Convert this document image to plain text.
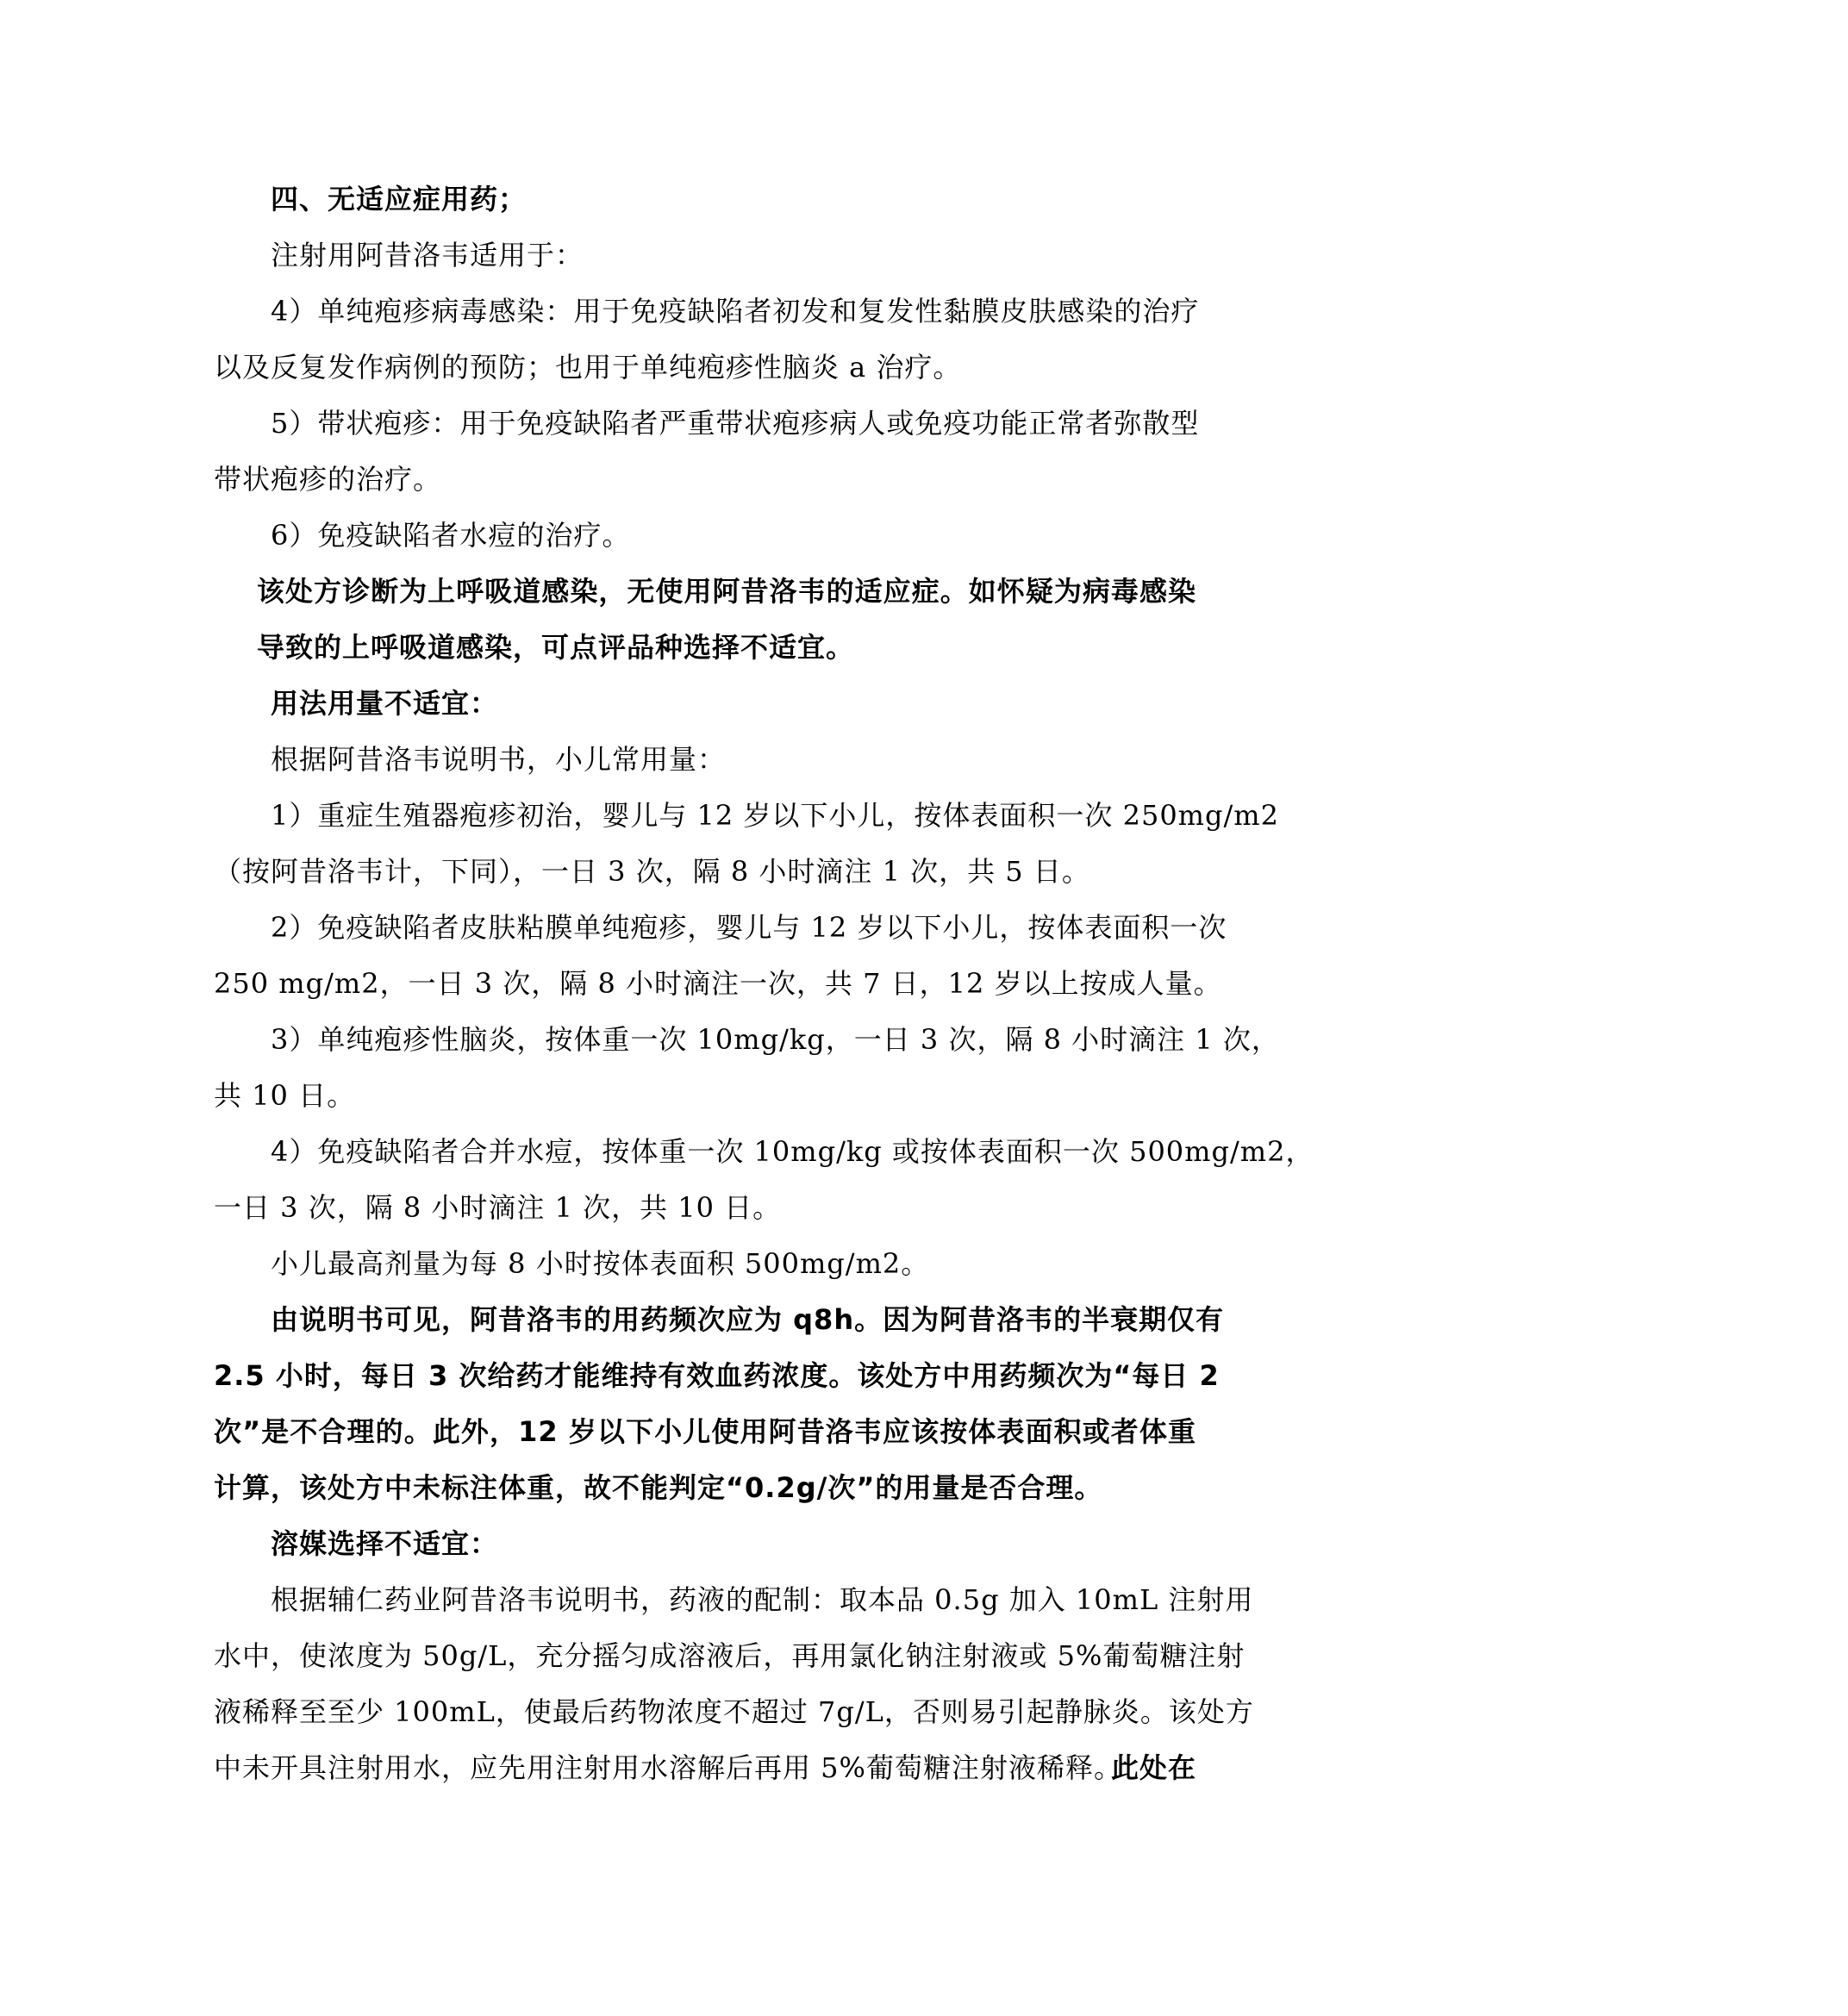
四、无适应症用药；
注射用阿昔洛韦适用于：
4）单纯疱疹病毒感染：用于免疫缺陷者初发和复发性黏膜皮肤感染的治疗
以及反复发作病例的预防；也用于单纯疱疹性脑炎 a 治疗。
5）带状疱疹：用于免疫缺陷者严重带状疱疹病人或免疫功能正常者弥散型
带状疱疹的治疗。
6）免疫缺陷者水痘的治疗。
该处方诊断为上呼吸道感染，无使用阿昔洛韦的适应症。如怀疑为病毒感染
导致的上呼吸道感染，可点评品种选择不适宜。
用法用量不适宜：
根据阿昔洛韦说明书，小儿常用量：
1）重症生殖器疱疹初治，婴儿与 12 岁以下小儿，按体表面积一次 250mg/m2
（按阿昔洛韦计，下同），一日 3 次，隔 8 小时滴注 1 次，共 5 日。
2）免疫缺陷者皮肤粘膜单纯疱疹，婴儿与 12 岁以下小儿，按体表面积一次
250 mg/m2，一日 3 次，隔 8 小时滴注一次，共 7 日，12 岁以上按成人量。
3）单纯疱疹性脑炎，按体重一次 10mg/kg，一日 3 次，隔 8 小时滴注 1 次，
共 10 日。
4）免疫缺陷者合并水痘，按体重一次 10mg/kg 或按体表面积一次 500mg/m2，
一日 3 次，隔 8 小时滴注 1 次，共 10 日。
小儿最高剂量为每 8 小时按体表面积 500mg/m2。
由说明书可见，阿昔洛韦的用药频次应为 q8h。因为阿昔洛韦的半衰期仅有
2.5 小时，每日 3 次给药才能维持有效血药浓度。该处方中用药频次为“每日 2
次”是不合理的。此外，12 岁以下小儿使用阿昔洛韦应该按体表面积或者体重
计算，该处方中未标注体重，故不能判定“0.2g/次”的用量是否合理。
溶媒选择不适宜：
根据辅仁药业阿昔洛韦说明书，药液的配制：取本品 0.5g 加入 10mL 注射用
水中，使浓度为 50g/L，充分摇匀成溶液后，再用氯化钠注射液或 5%葡萄糖注射
液稀释至至少 100mL，使最后药物浓度不超过 7g/L，否则易引起静脉炎。该处方
中未开具注射用水，应先用注射用水溶解后再用 5%葡萄糖注射液稀释。
此处在
